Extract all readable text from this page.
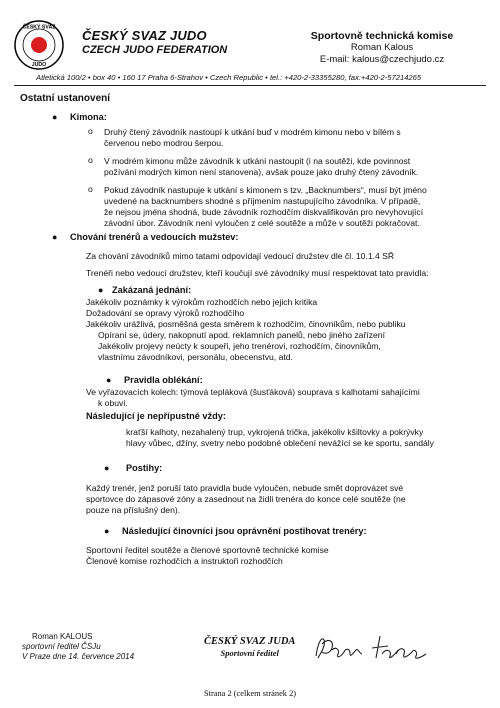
ČESKÝ SVAZ
JUDO
ČESKÝ SVAZ JUDO
CZECH JUDO FEDERATION
Sportovně technická komise
Roman Kalous
E-mail: kalous@czechjudo.cz
Atletická 100/2 • box 40 • 160 17 Praha 6-Strahov • Czech Republic • tel.: +420-2-33355280, fax:+420-2-57214265
Ostatní ustanovení
● Kimona:
o Druhý čtený závodník nastoupí k utkání buď v modrém kimonu nebo v bílém s
červenou nebo modrou šerpou.
o V modrém kimonu může závodník k utkání nastoupit (i na soutěži, kde povinnost
požívání modrých kimon není stanovena), avšak pouze jako druhý čtený závodník.
o Pokud závodník nastupuje k utkání s kimonem s tzv. „Backnumbers“, musí být jméno
uvedené na backnumbers shodné s příjmením nastupujícího závodníka. V případě,
že nejsou jména shodná, bude závodník rozhodčím diskvalifikován pro nevyhovující
závodní úbor. Závodník není vyloučen z celé soutěže a může v soutěži pokračovat.
● Chování trenérů a vedoucích mužstev:
Za chování závodníků mimo tatami odpovídají vedoucí družstev dle čl. 10.1.4 SŘ
Trenéři nebo vedoucí družstev, kteří koučují své závodníky musí respektovat tato pravidla:
● Zakázaná jednání:
Jakékoliv poznámky k výrokům rozhodčích nebo jejich kritika
Dožadování se opravy výroků rozhodčího
Jakékoliv urážlivá, posměšná gesta směrem k rozhodčím, činovníkům, nebo publiku
Opíraní se, údery, nakopnutí apod. reklamních panelů, nebo jiného zařízení
Jakékoliv projevy neúcty k soupeři, jeho trenérovi, rozhodčím, činovníkům,
vlastnímu závodníkovi, personálu, obecenstvu, atd.
● Pravidla oblékání:
Ve vyřazovacích kolech: týmová tepláková (šusťáková) souprava s kalhotami sahajícími
k obuvi.
Následující je nepřípustné vždy:
kraťší kalhoty, nezahalený trup, vykrojená trička, jakékoliv kšiltovky a pokrývky
hlavy vůbec, džíny, svetry nebo podobné oblečení nevážící se ke sportu, sandály
● Postihy:
Každý trenér, jenž poruší tato pravidla bude vyloučen, nebude smět doprovázet své
sportovce do zápasové zóny a zasednout na židli trenéra do konce celé soutěže (ne
pouze na příslušný den).
● Následující činovníci jsou oprávnění postihovat trenéry:
Sportovní ředitel soutěže a členové sportovně technické komise
Členové komise rozhodčích a instruktoři rozhodčích
Roman KALOUS
sportovní ředitel ČSJu
V Praze dne 14. července 2014
ČESKÝ SVAZ JUDA
Sportovní ředitel
Strana 2 (celkem stránek 2)
